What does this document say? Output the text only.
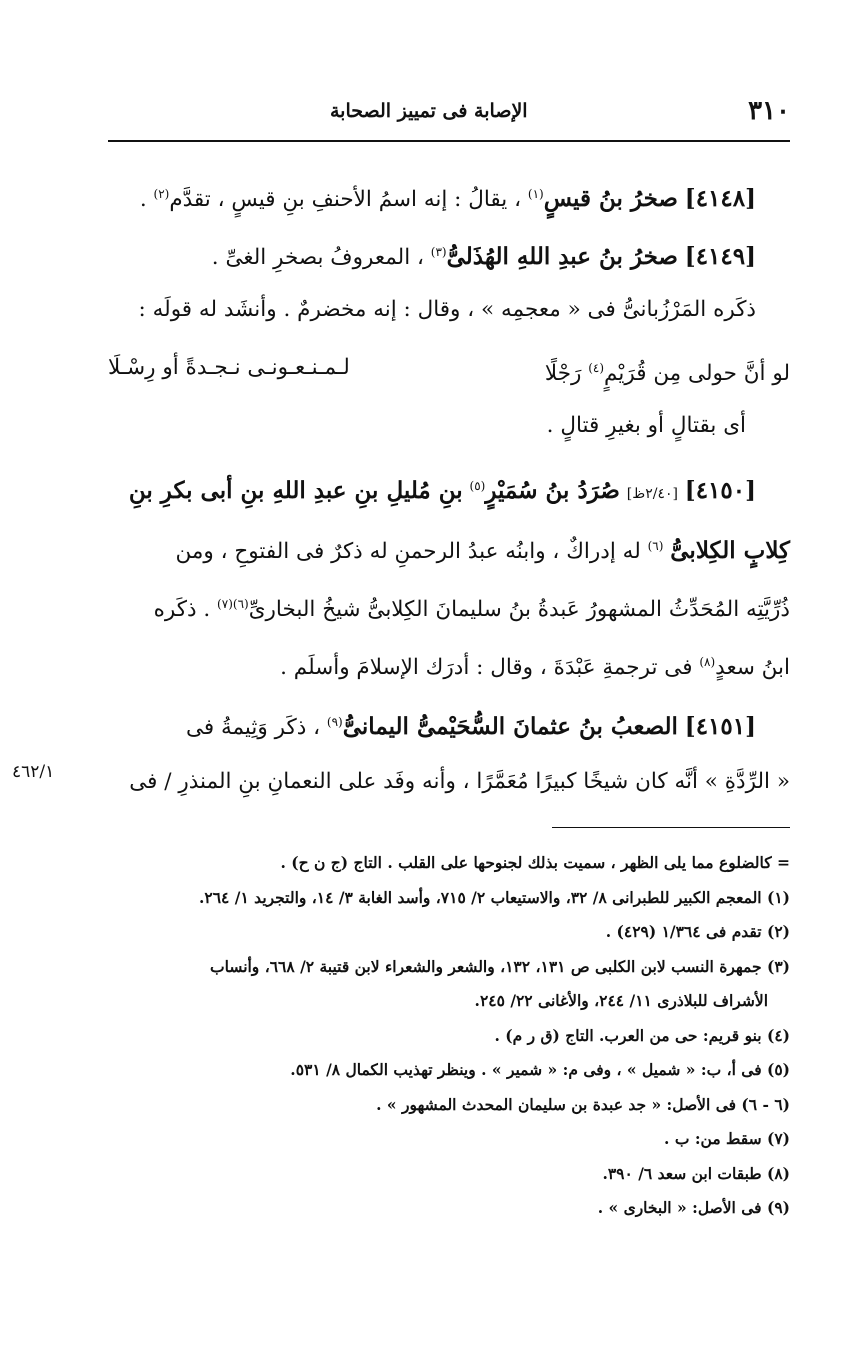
٣١٠
الإصابة فى تمييز الصحابة
[٤١٤٨] صخرُ بنُ قيسٍ$^{(١)}$ ، يقالُ : إنه اسمُ الأحنفِ بنِ قيسٍ ، تقدَّم$^{(٢)}$ .
[٤١٤٩] صخرُ بنُ عبدِ اللهِ الهُذَلىُّ$^{(٣)}$ ، المعروفُ بصخرِ الغىِّ .
ذكَره المَرْزُبانىُّ فى « معجمِه » ، وقال : إنه مخضرمٌ . وأنشَد له قولَه :
لو أنَّ حولى مِن قُرَيْمٍ$^{(٤)}$ رَجْلًا
لـمـنـعـونـى نـجـدةً أو رِسْـلَا
أى بقتالٍ أو بغيرِ قتالٍ .
[٤١٥٠] [٢/٤٠ظ] صُرَدُ بنُ سُمَيْرٍ$^{(٥)}$ بنِ مُليلِ بنِ عبدِ اللهِ بنِ أبى بكرِ بنِ
كِلابٍ الكِلابىُّ $^{(٦)}$ له إدراكٌ ، وابنُه عبدُ الرحمنِ له ذكرٌ فى الفتوحِ ، ومن
ذُرِّيَّتِه المُحَدِّثُ المشهورُ عَبدةُ بنُ سليمانَ الكِلابىُّ شيخُ البخارىِّ$^{(٦)(٧)}$ . ذكَره
ابنُ سعدٍ$^{(٨)}$ فى ترجمةِ عَبْدَةَ ، وقال : أدرَك الإسلامَ وأسلَم .
[٤١٥١] الصعبُ بنُ عثمانَ السُّحَيْمىُّ اليمانىُّ$^{(٩)}$ ، ذكَر وَثِيمةُ فى
« الرِّدَّةِ » أنَّه كان شيخًا كبيرًا مُعَمَّرًا ، وأنه وفَد على النعمانِ بنِ المنذرِ / فى
٤٦٢/١
= كالضلوع مما يلى الظهر ، سميت بذلك لجنوحها على القلب . التاج (ج ن ح) .
(١) المعجم الكبير للطبرانى ٨/ ٣٢، والاستيعاب ٢/ ٧١٥، وأسد الغابة ٣/ ١٤، والتجريد ١/ ٢٦٤.
(٢) تقدم فى ١/٣٦٤ (٤٢٩) .
(٣) جمهرة النسب لابن الكلبى ص ١٣١، ١٣٢، والشعر والشعراء لابن قتيبة ٢/ ٦٦٨، وأنساب
الأشراف للبلاذرى ١١/ ٢٤٤، والأغانى ٢٢/ ٢٤٥.
(٤) بنو قريم: حى من العرب. التاج (ق ر م) .
(٥) فى أ، ب: « شميل » ، وفى م: « شمير » . وينظر تهذيب الكمال ٨/ ٥٣١.
(٦ - ٦) فى الأصل: « جد عبدة بن سليمان المحدث المشهور » .
(٧) سقط من: ب .
(٨) طبقات ابن سعد ٦/ ٣٩٠.
(٩) فى الأصل: « البخارى » .
